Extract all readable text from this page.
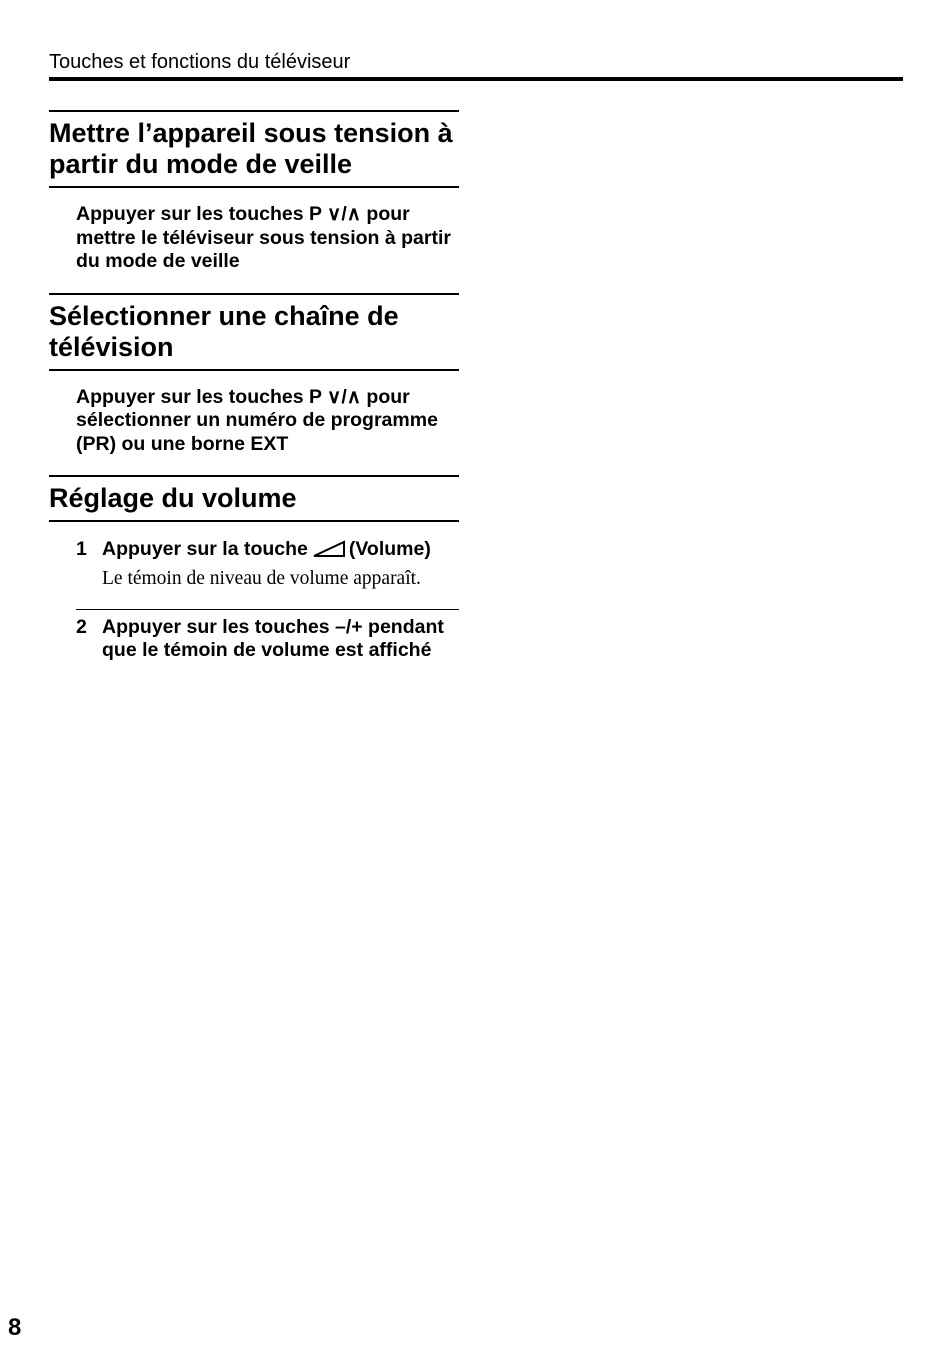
Touches et fonctions du téléviseur
Mettre l’appareil sous tension à partir du mode de veille

Appuyer sur les touches P ∨/∧ pour mettre le téléviseur sous tension à partir du mode de veille

Sélectionner une chaîne de télévision

Appuyer sur les touches P ∨/∧ pour sélectionner un numéro de programme (PR) ou une borne EXT

Réglage du volume
1 Appuyer sur la touche (Volume)
Le témoin de niveau de volume apparaît.
2 Appuyer sur les touches –/+ pendant que le témoin de volume est affiché
8
